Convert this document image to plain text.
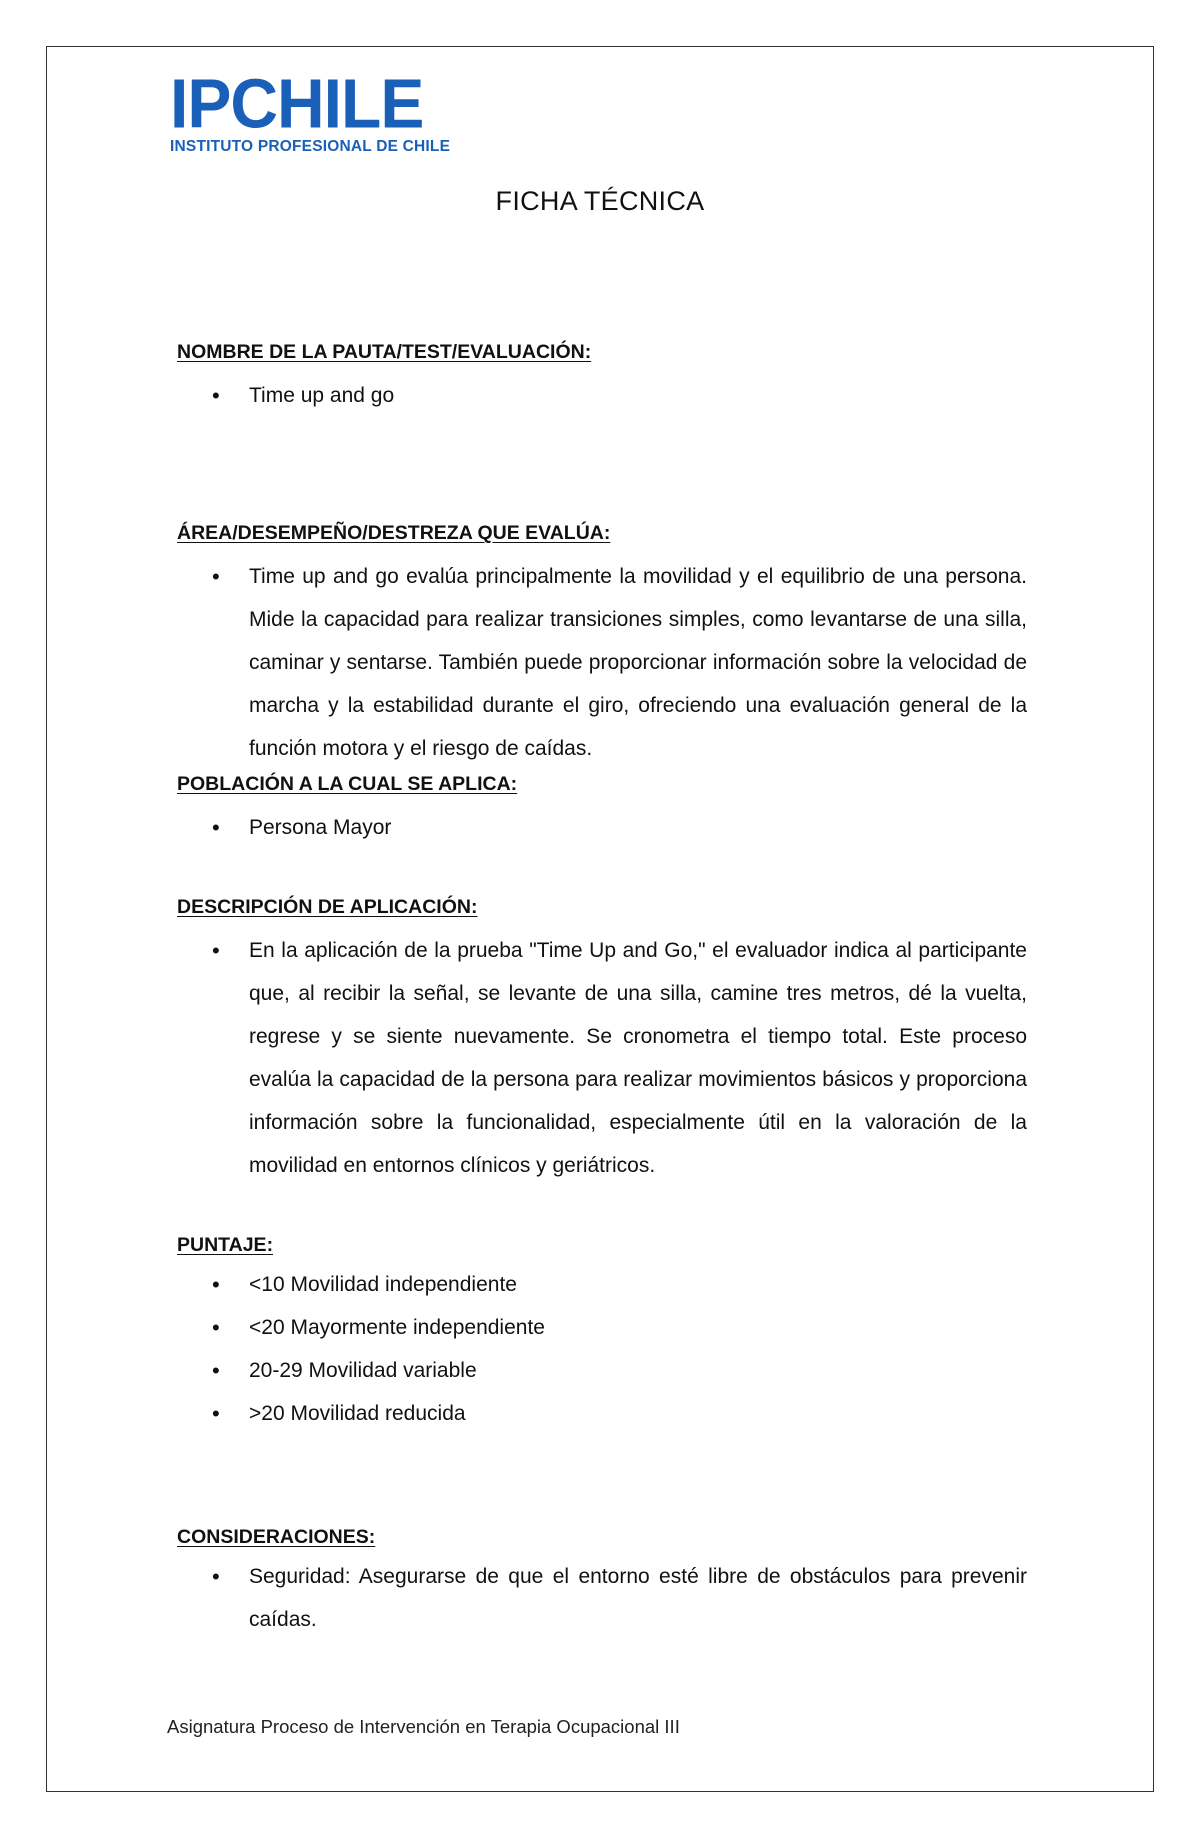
IPCHILE
INSTITUTO PROFESIONAL DE CHILE
FICHA TÉCNICA

NOMBRE DE LA PAUTA/TEST/EVALUACIÓN:

• Time up and go

ÁREA/DESEMPEÑO/DESTREZA QUE EVALÚA:

• Time up and go evalúa principalmente la movilidad y el equilibrio de una persona. Mide la capacidad para realizar transiciones simples, como levantarse de una silla, caminar y sentarse. También puede proporcionar información sobre la velocidad de marcha y la estabilidad durante el giro, ofreciendo una evaluación general de la función motora y el riesgo de caídas.

POBLACIÓN A LA CUAL SE APLICA:

• Persona Mayor

DESCRIPCIÓN DE APLICACIÓN:

• En la aplicación de la prueba "Time Up and Go," el evaluador indica al participante que, al recibir la señal, se levante de una silla, camine tres metros, dé la vuelta, regrese y se siente nuevamente. Se cronometra el tiempo total. Este proceso evalúa la capacidad de la persona para realizar movimientos básicos y proporciona información sobre la funcionalidad, especialmente útil en la valoración de la movilidad en entornos clínicos y geriátricos.

PUNTAJE:

• <10 Movilidad independiente
• <20 Mayormente independiente
• 20-29 Movilidad variable
• >20 Movilidad reducida

CONSIDERACIONES:

• Seguridad: Asegurarse de que el entorno esté libre de obstáculos para prevenir caídas.
Asignatura Proceso de Intervención en Terapia Ocupacional III
